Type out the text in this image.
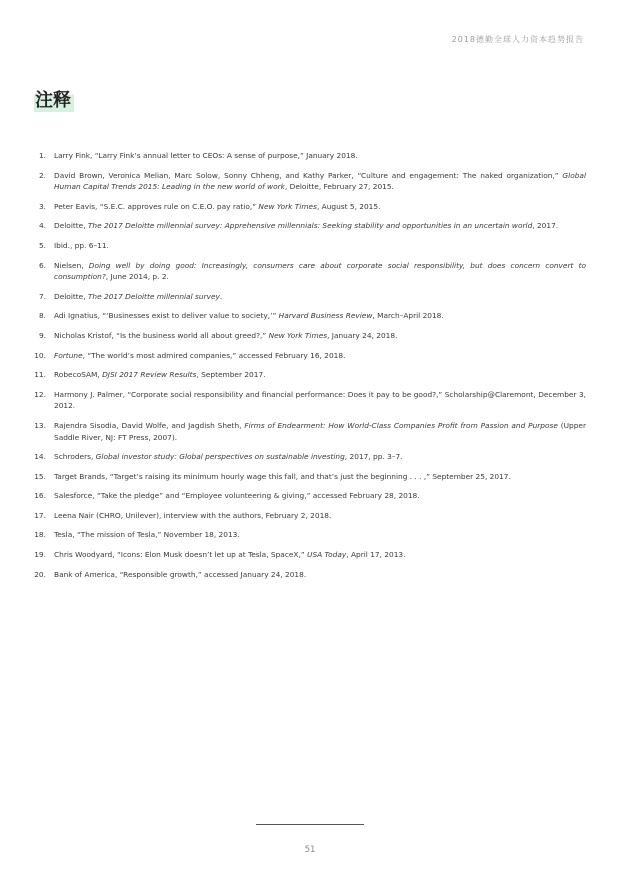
2018德勤全球人力资本趋势报告
注释
1. Larry Fink, “Larry Fink’s annual letter to CEOs: A sense of purpose,” January 2018.
2. David Brown, Veronica Melian, Marc Solow, Sonny Chheng, and Kathy Parker, “Culture and engagement: The naked organization,” Global Human Capital Trends 2015: Leading in the new world of work, Deloitte, February 27, 2015.
3. Peter Eavis, “S.E.C. approves rule on C.E.O. pay ratio,” New York Times, August 5, 2015.
4. Deloitte, The 2017 Deloitte millennial survey: Apprehensive millennials: Seeking stability and opportunities in an uncertain world, 2017.
5. Ibid., pp. 6–11.
6. Nielsen, Doing well by doing good: Increasingly, consumers care about corporate social responsibility, but does concern convert to consumption?, June 2014, p. 2.
7. Deloitte, The 2017 Deloitte millennial survey.
8. Adi Ignatius, “‘Businesses exist to deliver value to society,’” Harvard Business Review, March–April 2018.
9. Nicholas Kristof, “Is the business world all about greed?,” New York Times, January 24, 2018.
10. Fortune, “The world’s most admired companies,” accessed February 16, 2018.
11. RobecoSAM, DJSI 2017 Review Results, September 2017.
12. Harmony J. Palmer, “Corporate social responsibility and financial performance: Does it pay to be good?,” Scholarship@Claremont, December 3, 2012.
13. Rajendra Sisodia, David Wolfe, and Jagdish Sheth, Firms of Endearment: How World-Class Companies Profit from Passion and Purpose (Upper Saddle River, NJ: FT Press, 2007).
14. Schroders, Global investor study: Global perspectives on sustainable investing, 2017, pp. 3–7.
15. Target Brands, “Target’s raising its minimum hourly wage this fall, and that’s just the beginning . . . ,” September 25, 2017.
16. Salesforce, “Take the pledge” and “Employee volunteering & giving,” accessed February 28, 2018.
17. Leena Nair (CHRO, Unilever), interview with the authors, February 2, 2018.
18. Tesla, “The mission of Tesla,” November 18, 2013.
19. Chris Woodyard, “Icons: Elon Musk doesn’t let up at Tesla, SpaceX,” USA Today, April 17, 2013.
20. Bank of America, “Responsible growth,” accessed January 24, 2018.
51
